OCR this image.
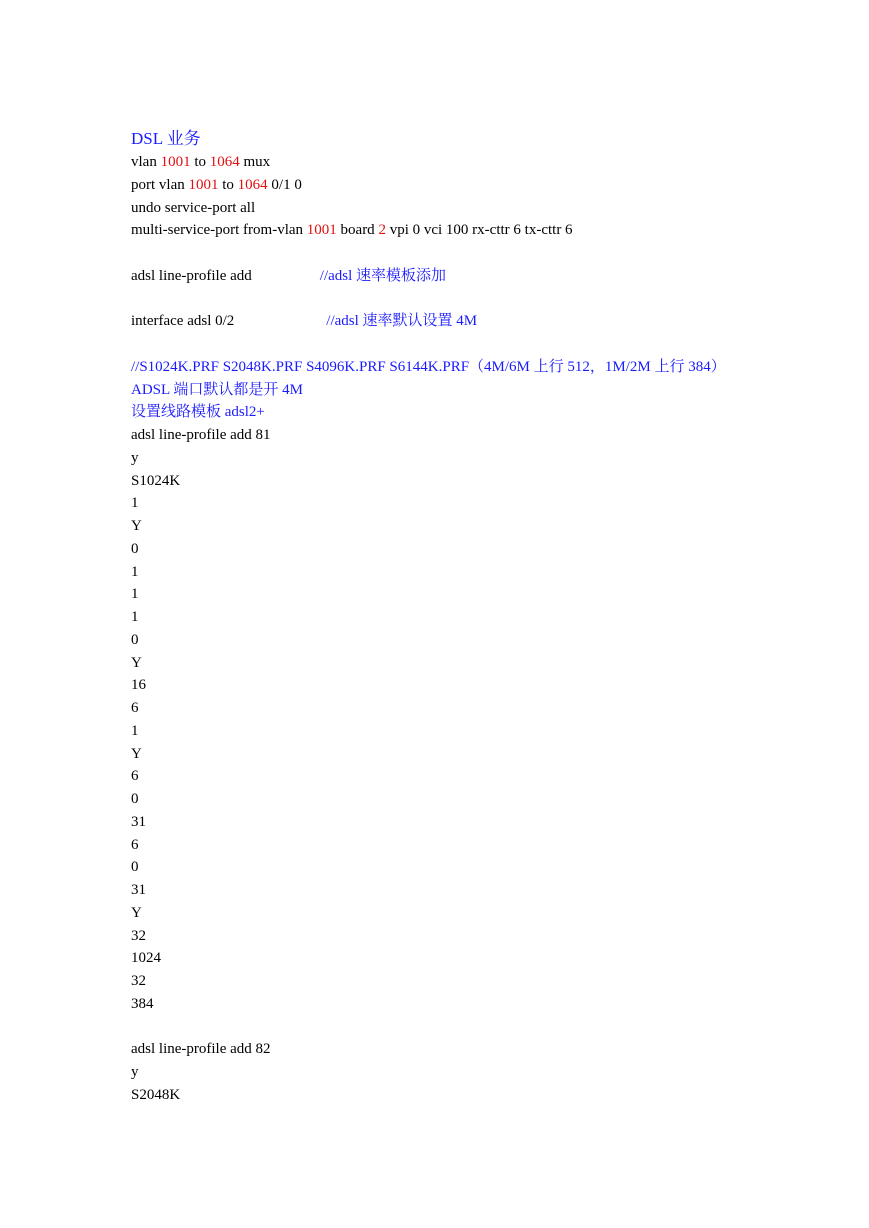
DSL 业务
vlan 1001 to 1064 mux
port vlan 1001 to 1064 0/1 0
undo service-port all
multi-service-port from-vlan 1001 board 2 vpi 0 vci 100 rx-cttr 6 tx-cttr 6
adsl line-profile add	//adsl 速率模板添加
interface adsl 0/2	//adsl 速率默认设置 4M
//S1024K.PRF S2048K.PRF S4096K.PRF S6144K.PRF（4M/6M 上行 512，1M/2M 上行 384）
ADSL 端口默认都是开 4M
设置线路模板 adsl2+
adsl line-profile add 81
y
S1024K
1
Y
0
1
1
1
0
Y
16
6
1
Y
6
0
31
6
0
31
Y
32
1024
32
384
adsl line-profile add 82
y
S2048K
